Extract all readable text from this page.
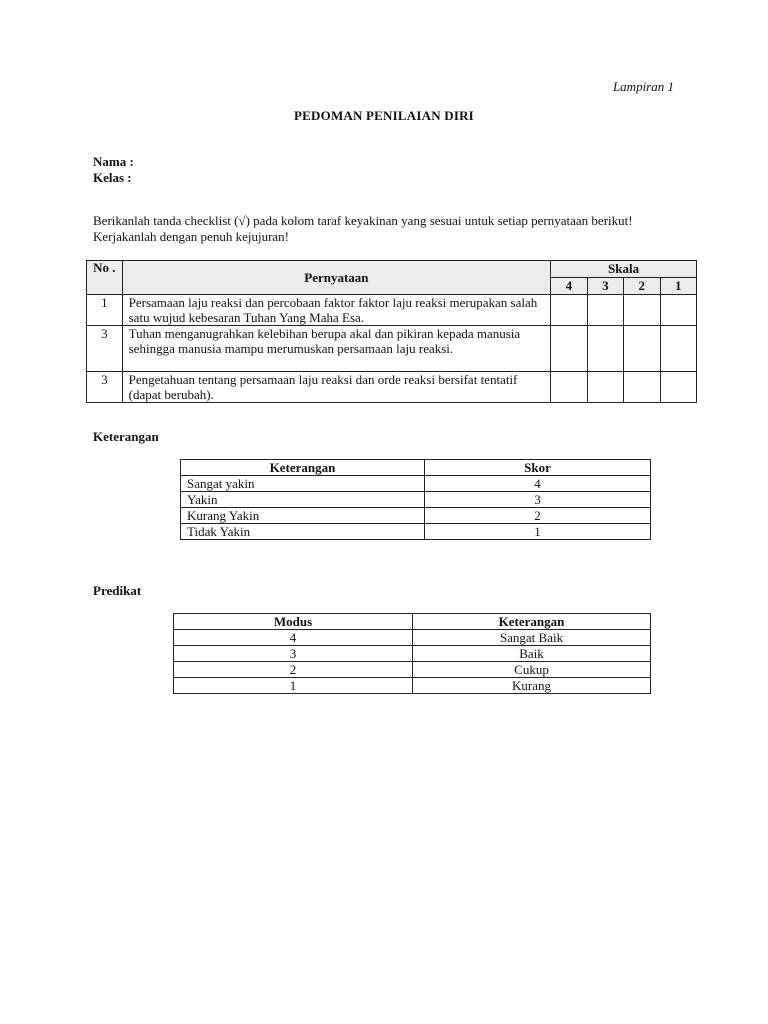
Lampiran 1
PEDOMAN PENILAIAN DIRI
Nama :
Kelas :
Berikanlah tanda checklist (√) pada kolom taraf keyakinan yang sesuai untuk setiap pernyataan berikut! Kerjakanlah dengan penuh kejujuran!
No .	Pernyataan	Skala			
		4	3	2	1
1	Persamaan laju reaksi dan percobaan faktor faktor laju reaksi merupakan salah satu wujud kebesaran Tuhan Yang Maha Esa.				
3	Tuhan menganugrahkan kelebihan berupa akal dan pikiran kepada manusia sehingga manusia mampu merumuskan persamaan laju reaksi.				
3	Pengetahuan tentang persamaan laju reaksi dan orde reaksi bersifat tentatif (dapat berubah).				
Keterangan
Keterangan	Skor
Sangat yakin	4
Yakin	3
Kurang Yakin	2
Tidak Yakin	1
Predikat
Modus	Keterangan
4	Sangat Baik
3	Baik
2	Cukup
1	Kurang
